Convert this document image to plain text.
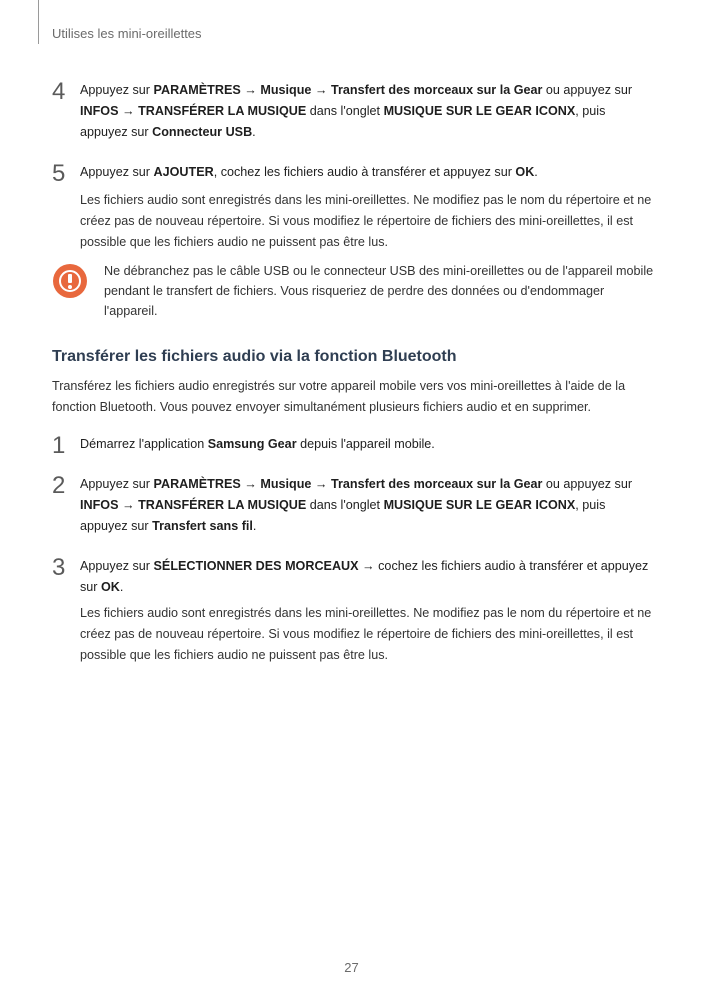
Utilises les mini-oreillettes
4 Appuyez sur PARAMÈTRES → Musique → Transfert des morceaux sur la Gear ou appuyez sur INFOS → TRANSFÉRER LA MUSIQUE dans l'onglet MUSIQUE SUR LE GEAR ICONX, puis appuyez sur Connecteur USB.
5 Appuyez sur AJOUTER, cochez les fichiers audio à transférer et appuyez sur OK.
Les fichiers audio sont enregistrés dans les mini-oreillettes. Ne modifiez pas le nom du répertoire et ne créez pas de nouveau répertoire. Si vous modifiez le répertoire de fichiers des mini-oreillettes, il est possible que les fichiers audio ne puissent pas être lus.
Ne débranchez pas le câble USB ou le connecteur USB des mini-oreillettes ou de l'appareil mobile pendant le transfert de fichiers. Vous risqueriez de perdre des données ou d'endommager l'appareil.
Transférer les fichiers audio via la fonction Bluetooth
Transférez les fichiers audio enregistrés sur votre appareil mobile vers vos mini-oreillettes à l'aide de la fonction Bluetooth. Vous pouvez envoyer simultanément plusieurs fichiers audio et en supprimer.
1 Démarrez l'application Samsung Gear depuis l'appareil mobile.
2 Appuyez sur PARAMÈTRES → Musique → Transfert des morceaux sur la Gear ou appuyez sur INFOS → TRANSFÉRER LA MUSIQUE dans l'onglet MUSIQUE SUR LE GEAR ICONX, puis appuyez sur Transfert sans fil.
3 Appuyez sur SÉLECTIONNER DES MORCEAUX → cochez les fichiers audio à transférer et appuyez sur OK.
Les fichiers audio sont enregistrés dans les mini-oreillettes. Ne modifiez pas le nom du répertoire et ne créez pas de nouveau répertoire. Si vous modifiez le répertoire de fichiers des mini-oreillettes, il est possible que les fichiers audio ne puissent pas être lus.
27
